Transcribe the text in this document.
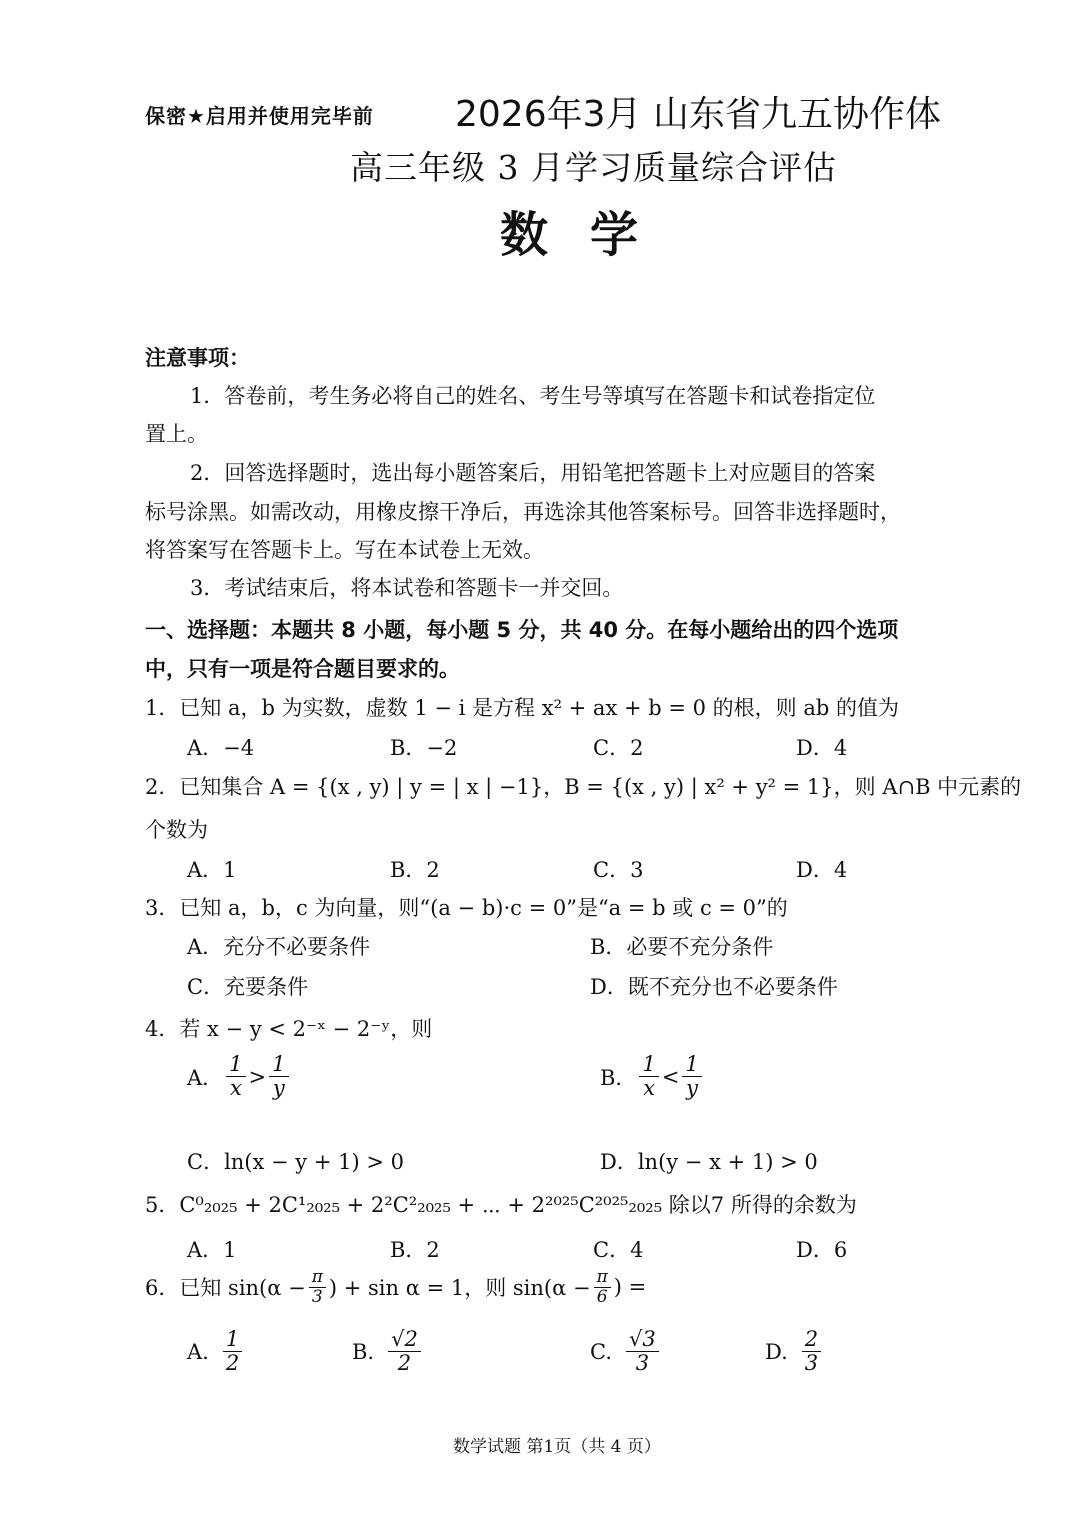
保密★启用并使用完毕前 2026年3月 山东省九五协作体
高三年级 3 月学习质量综合评估
数学
注意事项：
1．答卷前，考生务必将自己的姓名、考生号等填写在答题卡和试卷指定位
置上。
2．回答选择题时，选出每小题答案后，用铅笔把答题卡上对应题目的答案
标号涂黑。如需改动，用橡皮擦干净后，再选涂其他答案标号。回答非选择题时，
将答案写在答题卡上。写在本试卷上无效。
3．考试结束后，将本试卷和答题卡一并交回。
一、选择题：本题共 8 小题，每小题 5 分，共 40 分。在每小题给出的四个选项
中，只有一项是符合题目要求的。
1．已知 a，b 为实数，虚数 1 − i 是方程 x² + ax + b = 0 的根，则 ab 的值为
A．−4	B．−2	C．2	D．4
2．已知集合 A = {(x , y) | y = | x | −1}，B = {(x , y) | x² + y² = 1}，则 A∩B 中元素的
个数为
A．1	B．2	C．3	D．4
3．已知 a，b，c 为向量，则“(a − b)·c = 0”是“a = b 或 c = 0”的
A．充分不必要条件	B．必要不充分条件
C．充要条件	D．既不充分也不必要条件
4．若 x − y < 2⁻ˣ − 2⁻ʸ，则
A． $\frac{1}{x} > \frac{1}{y}$	B． $\frac{1}{x} < \frac{1}{y}$
C．ln(x − y + 1) > 0	D．ln(y − x + 1) > 0
5．C⁰₂₀₂₅ + 2C¹₂₀₂₅ + 2²C²₂₀₂₅ + ⋯ + 2²⁰²⁵C²⁰²⁵₂₀₂₅ 除以7 所得的余数为
A．1	B．2	C．4	D．6
6．已知 $\sin(\alpha - \frac{\pi}{3}$ ) + sin α = 1，则 $\sin(\alpha - \frac{\pi}{6}$ ) =
A. $\frac{1}{2}$	B. $\frac{√2}{2}$	C. $\frac{√3}{3}$	D. $\frac{2}{3}$
数学试题 第1页（共 4 页）
